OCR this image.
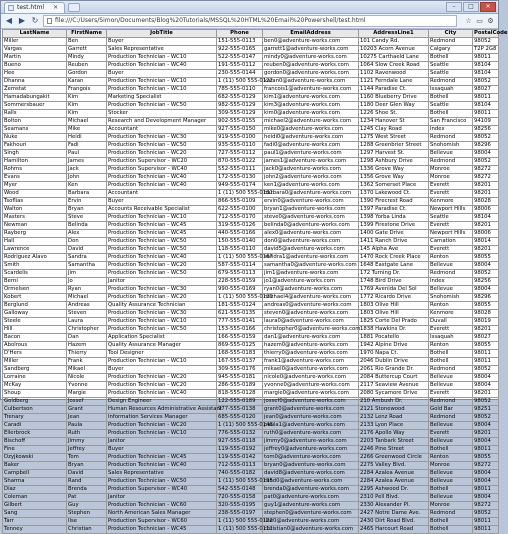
test.html ✕	–	□	✕
◀ ▶ ↻	file:///C:/Users/Simon/Documents/Blog%20Tutorials/MSSQL%20HTML%20Email%20Powershell/test.html	☆ ▭ ⚙
LastName	FirstName	JobTitle	Phone	EmailAddress	AddressLine1	City	PostalCode
Miller	Ben	Buyer	151-555-0113	ben0@adventure-works.com	101 Candy Rd.	Redmond	98052
Vargas	Garrett	Sales Representative	922-555-0165	garrett1@adventure-works.com	10203 Acorn Avenue	Calgary	T2P 2G8
Martin	Mindy	Production Technician - WC10	522-555-0147	mindy0@adventure-works.com	10275 Carthaeld Lane	Bothell	98011
Bueno	Reuben	Production Technician - WC40	191-555-0112	reuben0@adventure-works.com	1064 Slow Creek Road	Seattle	98104
Hee	Gordon	Buyer	230-555-0144	gordon0@adventure-works.com	1102 Ravenwood	Seattle	98104
Dhanna	Karan	Production Technician - WC10	1 (11) 500 555-0122	karan0@adventure-works.com	1121 Ferndale Lane	Redmond	98052
Zemstat	Frangois	Production Technician - WC10	785-555-0110	francois1@adventure-works.com	1144 Paradise Ct.	Issaquah	98027
Hamadabungakit	Kim	Marketing Specialist	682-555-0129	kim1@adventure-works.com	1160 Blueberry Drive	Bothell	98011
Sommersbauer	Kim	Production Technician - WC50	982-555-0129	kim3@adventure-works.com	1180 Deer Glen Way	Seattle	98104
Ralls	Kim	Stocker	309-555-0129	kim0@adventure-works.com	1226 Shoe St.	Bothell	98011
Bolton	Michael	Research and Development Manager	902-555-0155	michael2@adventure-works.com	1234 Hanover St	San Francisco	94109
Seamans	Mike	Accountant	927-555-0150	mike0@adventure-works.com	1245 Clay Road	Index	98256
Nuke	Heidi	Production Technician - WC30	919-555-0100	heidi0@adventure-works.com	1275 West Street	Redmond	98052
Fakhouri	Fadi	Production Technician - WC50	935-555-0110	fadi0@adventure-works.com	1288 Greenbrier Street	Snohomish	98296
Singh	Paul	Production Technician - WC20	727-555-0112	paul1@adventure-works.com	1297 Harvest St.	Bellevue	98004
Hamilton	James	Production Supervisor - WC20	870-555-0122	james1@adventure-works.com	1298 Ashbury Drive	Redmond	98052
Rohms	Jack	Production Supervisor - WC40	552-555-0111	jack0@adventure-works.com	1336 Grove Way	Monroe	98272
Evans	John	Production Technician - WC40	172-555-0130	john2@adventure-works.com	1356 Grove Way	Monroe	98272
Myer	Ken	Production Technician - WC40	949-555-0174	ken1@adventure-works.com	1362 Somerset Place	Everett	98201
Wood	Barbara	Accountant	1 (11) 500 555-0181	barbara0@adventure-works.com	1370 Lakewood Ct.	Everett	98201
Tsoflias	Ervin	Buyer	866-555-0109	ervin0@adventure-works.com	1390 Firecrest Road	Kenmore	98028
Walton	Bryan	Accounts Receivable Specialist	622-555-0100	bryan1@adventure-works.com	1397 Paradise Ct.	Newport Hills	98006
Masters	Steve	Production Technician - WC10	712-555-0170	steve0@adventure-works.com	1398 Yorba Linda	Seattle	98104
Newman	Belinda	Production Technician - WC45	319-555-0126	belinda0@adventure-works.com	1399 Firestone Drive	Everett	98201
Rayberg	Alex	Production Technician - WC45	440-555-0166	alex0@adventure-works.com	1400 Gate Drive	Newport Hills	98006
Hall	Don	Production Technician - WC50	150-555-0140	don0@adventure-works.com	1411 Ranch Drive	Carnation	98014
Lawrence	David	Production Technician - WC50	118-555-0110	david5@adventure-works.com	145 Alpha Ave	Everett	98201
Rodriguez Alavo	Sandra	Production Technician - WC40	1 (11) 500 555-0167	sandra1@adventure-works.com	1470 Rock Creek Place	Renton	98055
Smith	Samantha	Production Technician - WC20	587-555-0114	samantha0@adventure-works.com	1648 Eastgate Lane	Bellevue	98004
Scardelis	Jim	Production Technician - WC50	679-555-0113	jim1@adventure-works.com	172 Turning Dr.	Redmond	98052
Berni	Jo	Janitor	228-555-0159	jo1@adventure-works.com	1748 Bird Drive	Index	98256
Ormelsen	Ryan	Production Technician - WC30	990-555-0169	ryan0@adventure-works.com	1769 Avenida Del Sol	Bellevue	98004
Kobert	Michael	Production Technician - WC20	1 (11) 500 555-0120	michael4@adventure-works.com	1772 Ricardo Drive	Snohomish	98296
Berglund	Andreas	Quality Assurance Technician	181-555-0124	andreas0@adventure-works.com	1803 Olive Hill	Renton	98055
Galloway	Steven	Production Technician - WC30	621-555-0135	steven0@adventure-works.com	1803 Olive Hill	Kenmore	98028
Steele	Laura	Production Technician - WC10	777-555-0141	laura0@adventure-works.com	1825 Corte Del Prado	Duvall	98019
Hill	Christopher	Production Technician - WC50	153-555-0166	christopher0@adventure-works.com	1838 Hawkins Dr.	Everett	98201
Bacon	Dan	Application Specialist	166-555-0159	dan1@adventure-works.com	1881 Pocatello	Issaquah	98027
Abolrous	Hazem	Quality Assurance Manager	869-555-0125	hazem0@adventure-works.com	1942 Alpine Drive	Renton	98055
D'Hers	Thierry	Tool Designer	168-555-0183	thierry0@adventure-works.com	1970 Napa Ct.	Bothell	98011
Miller	Frank	Production Technician - WC10	167-555-0137	frank1@adventure-works.com	2046 Dublin Drive	Bothell	98011
Sandberg	Mikael	Buyer	309-555-0176	mikael0@adventure-works.com	2061 Rio Grande Dr.	Redmond	98052
Lorraine	Nicole	Production Technician - WC20	945-555-0181	nicole0@adventure-works.com	2084 Buttercup Court	Bellevue	98004
McKay	Yvonne	Production Technician - WC20	286-555-0189	yvonne0@adventure-works.com	2117 Seaview Avenue	Bellevue	98004
Shoup	Margie	Production Technician - WC40	818-555-0128	margie0@adventure-works.com	2080 Sycamore Drive	Everett	98201
Goldberg	Jossef	Design Engineer	122-555-0189	jossef0@adventure-works.com	210 Ambush Dr.	Redmond	98052
Culbertson	Grant	Human Resources Administrative Assistant	977-555-0138	grant0@adventure-works.com	2121 Stonewood	Gold Bar	98251
Trenary	Jean	Information Services Manager	685-555-0120	jean0@adventure-works.com	2132 Lenz Road	Redmond	98052
Caradi	Paula	Production Technician - WC20	1 (11) 500 555-0148	paula1@adventure-works.com	2133 Lyon Place	Bellevue	98004
Ellerbrock	Ruth	Production Technician - WC10	776-555-0132	ruth0@adventure-works.com	2176 Apollo Way	Everett	98201
Bischoff	Jimmy	Janitor	927-555-0118	jimmy0@adventure-works.com	2203 Tanbark Street	Bellevue	98004
Fine	Jeffrey	Buyer	119-555-0192	jeffrey0@adventure-works.com	2246 Pine Street	Bothell	98011
Dzyjkowski	Tom	Production Technician - WC45	119-555-0142	tom0@adventure-works.com	2266 Greenwood Circle	Renton	98055
Baker	Bryan	Production Technician - WC40	712-555-0113	bryan0@adventure-works.com	2275 Valley Blvd.	Monroe	98272
Campbell	David	Sales Representative	740-555-0182	david8@adventure-works.com	2284 Azalea Avenue	Bellevue	98004
Sharma	Rand	Production Technician - WC50	1 (11) 500 555-0195	rand0@adventure-works.com	2284 Azalea Avenue	Bellevue	98004
Diaz	Brenda	Production Supervisor - WC40	542-555-0148	brenda0@adventure-works.com	2295 Ashwood Dr.	Bothell	98011
Coleman	Pat	Janitor	720-555-0158	pat0@adventure-works.com	2310 Pell Blvd.	Bellevue	98004
Gilbert	Guy	Production Technician - WC60	320-555-0195	guy1@adventure-works.com	2330 Alexander Pl.	Monroe	98272
Sang	Stephen	North American Sales Manager	238-555-0197	stephen0@adventure-works.com	2427 Notre Dame Ave.	Redmond	98052
Tarr	Ilse	Production Supervisor - WC60	1 (11) 500 555-0122	ilse0@adventure-works.com	2430 Dirt Road Blvd.	Bothell	98011
Tenney	Christian	Production Technician - WC45	1 (11) 500 555-0111	christian0@adventure-works.com	2465 Harcourt Road	Bothell	98011
